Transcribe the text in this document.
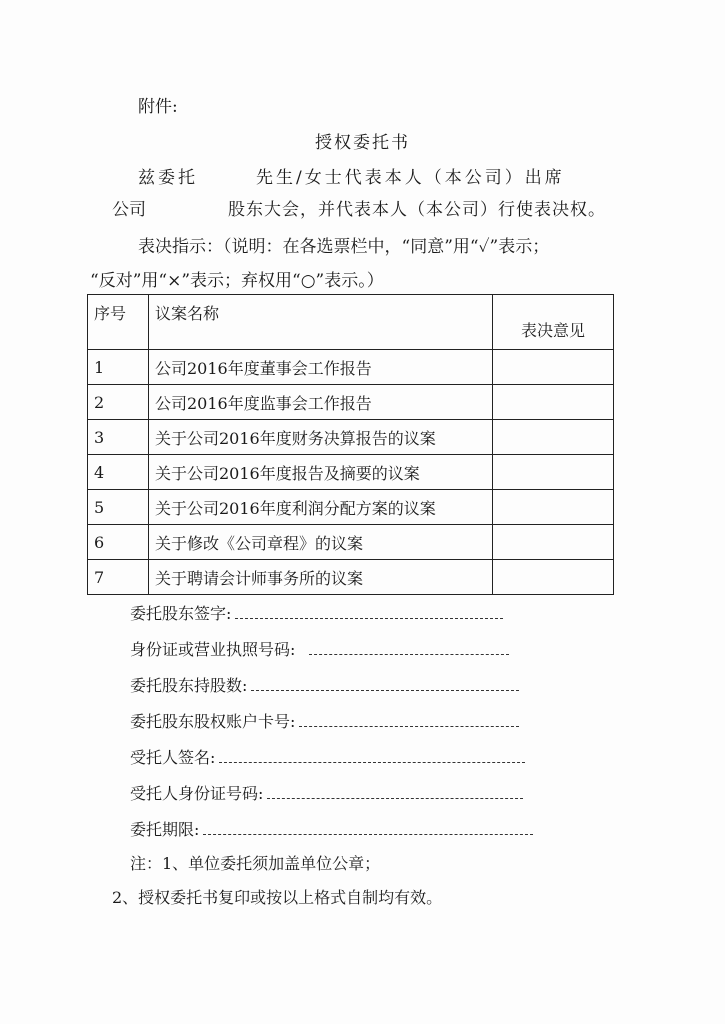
附件:
授权委托书
兹委托	先生/女士代表本人（本公司）出席
公司	股东大会，并代表本人（本公司）行使表决权。
表决指示：（说明：在各选票栏中，“同意”用“✓”表示；
“反对”用“×”表示；弃权用“○”表示。）
序号	议案名称	表决意见
1	公司2016年度董事会工作报告	
2	公司2016年度监事会工作报告	
3	关于公司2016年度财务决算报告的议案	
4	关于公司2016年度报告及摘要的议案	
5	关于公司2016年度利润分配方案的议案	
6	关于修改《公司章程》的议案	
7	关于聘请会计师事务所的议案	
委托股东签字:
身份证或营业执照号码:
委托股东持股数:
委托股东股权账户卡号:
受托人签名:
受托人身份证号码:
委托期限:
注：1、单位委托须加盖单位公章；
2、授权委托书复印或按以上格式自制均有效。
